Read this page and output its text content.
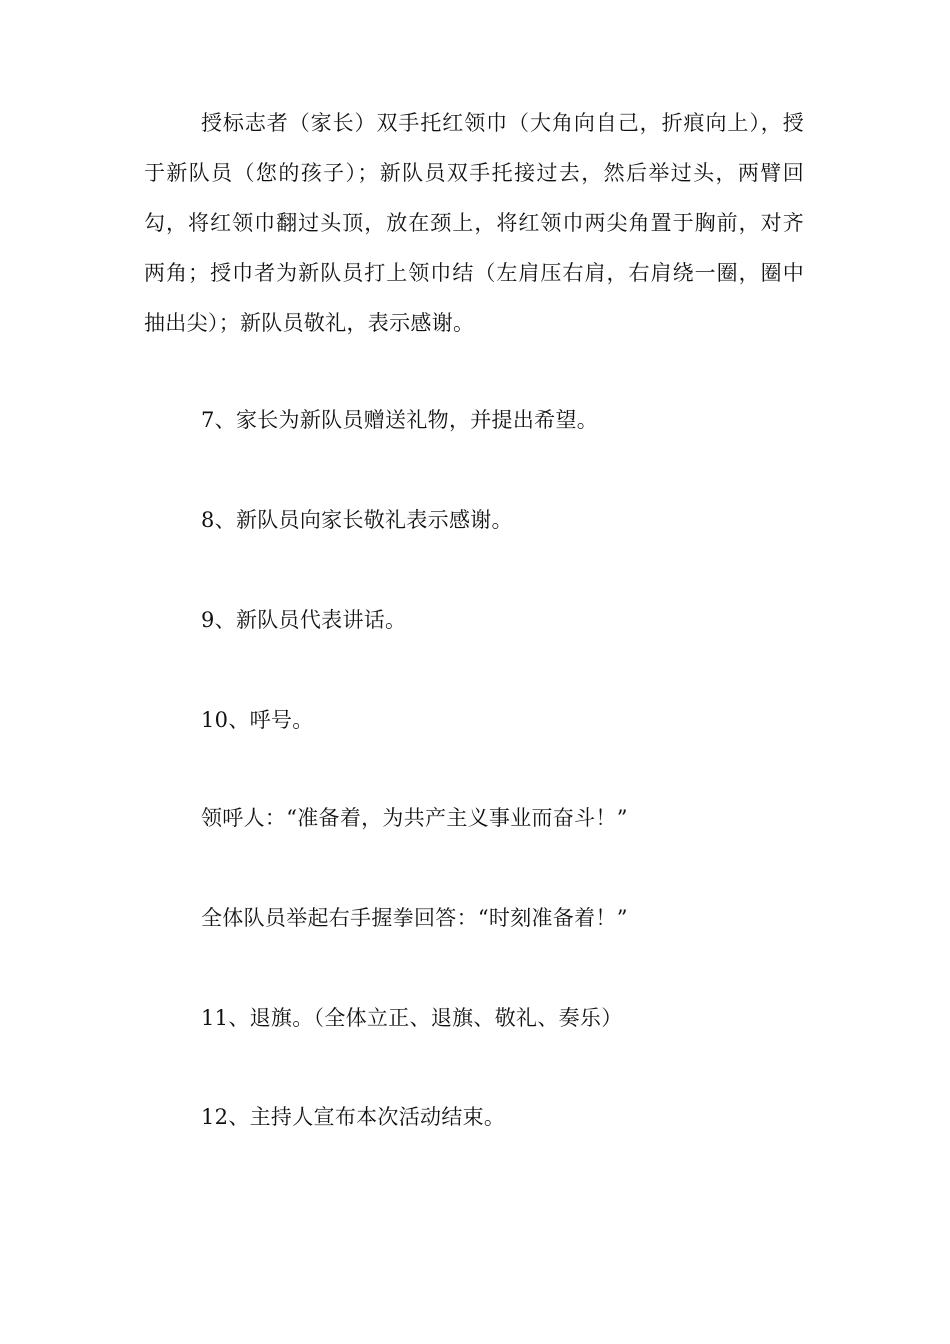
授标志者（家长）双手托红领巾（大角向自己，折痕向上），授于新队员（您的孩子）；新队员双手托接过去，然后举过头，两臂回勾，将红领巾翻过头顶，放在颈上，将红领巾两尖角置于胸前，对齐两角；授巾者为新队员打上领巾结（左肩压右肩，右肩绕一圈，圈中抽出尖）；新队员敬礼，表示感谢。

7、家长为新队员赠送礼物，并提出希望。
8、新队员向家长敬礼表示感谢。
9、新队员代表讲话。
10、呼号。
领呼人：“准备着，为共产主义事业而奋斗！”
全体队员举起右手握拳回答：“时刻准备着！”
11、退旗。（全体立正、退旗、敬礼、奏乐）
12、主持人宣布本次活动结束。
